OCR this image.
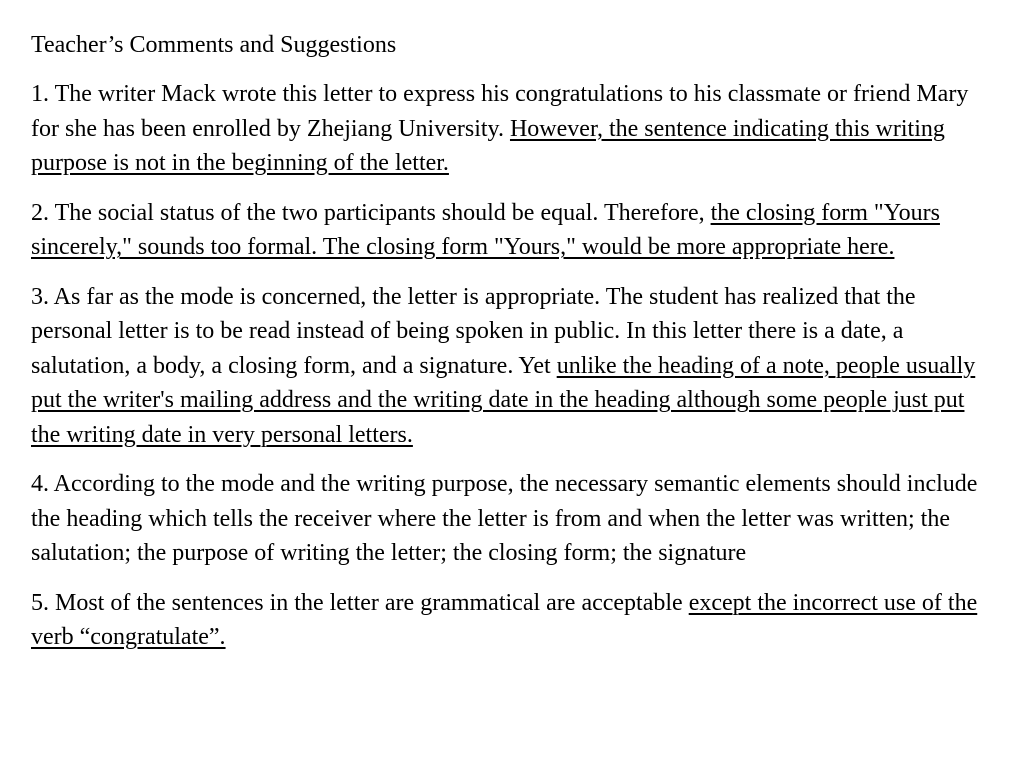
Teacher’s Comments and Suggestions

1. The writer Mack wrote this letter to express his congratulations to his classmate or friend Mary for she has been enrolled by Zhejiang University. However, the sentence indicating this writing purpose is not in the beginning of the letter.

2. The social status of the two participants should be equal. Therefore, the closing form "Yours sincerely," sounds too formal. The closing form "Yours," would be more appropriate here.

3. As far as the mode is concerned, the letter is appropriate. The student has realized that the personal letter is to be read instead of being spoken in public. In this letter there is a date, a salutation, a body, a closing form, and a signature. Yet unlike the heading of a note, people usually put the writer's mailing address and the writing date in the heading although some people just put the writing date in very personal letters.

4. According to the mode and the writing purpose, the necessary semantic elements should include the heading which tells the receiver where the letter is from and when the letter was written; the salutation; the purpose of writing the letter; the closing form; the signature

5. Most of the sentences in the letter are grammatical are acceptable except the incorrect use of the verb “congratulate”.
